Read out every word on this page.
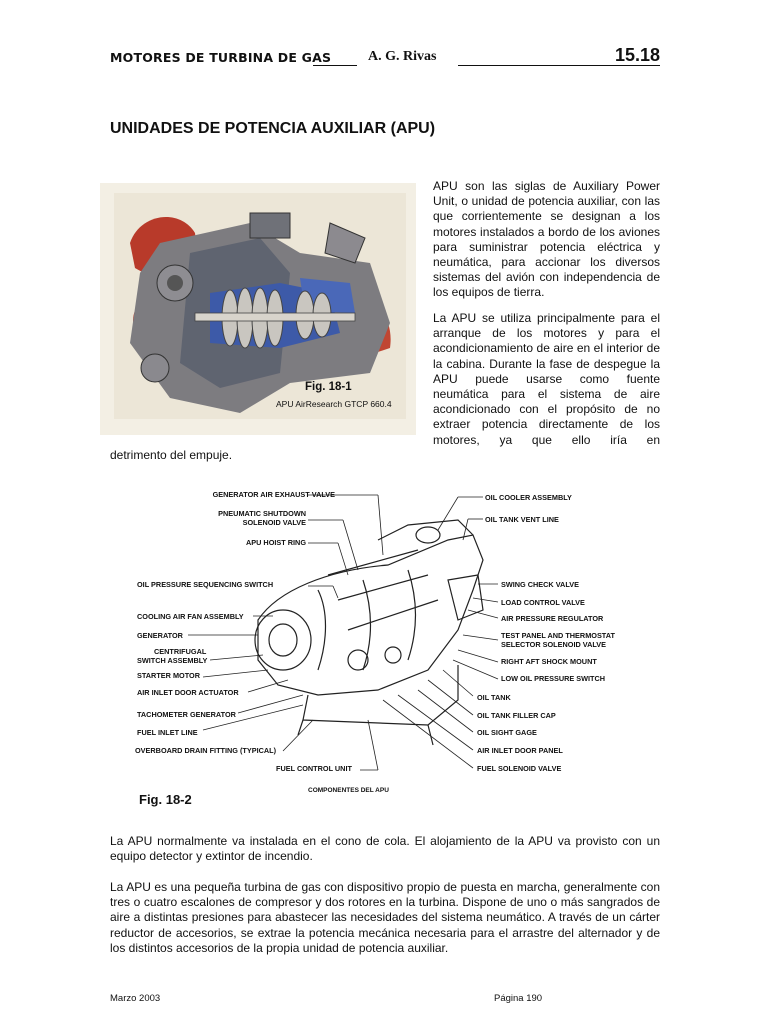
MOTORES DE TURBINA DE GAS	A. G. Rivas	15.18
UNIDADES DE POTENCIA AUXILIAR (APU)
Fig. 18-1
APU AirResearch GTCP 660.4
APU son las siglas de Auxiliary Power Unit, o unidad de potencia auxiliar, con las que corrientemente se designan a los motores instalados a bordo de los aviones para suministrar potencia eléctrica y neumática, para accionar los diversos sistemas del avión con independencia de los equipos de tierra.
La APU se utiliza principalmente para el arranque de los motores y para el acondicionamiento de aire en el interior de la cabina. Durante la fase de despegue la APU puede usarse como fuente neumática para el sistema de aire acondicionado con el propósito de no extraer potencia directamente de los motores, ya que ello iría en
detrimento del empuje.
GENERATOR AIR EXHAUST VALVE
PNEUMATIC SHUTDOWN
SOLENOID VALVE
APU HOIST RING
OIL PRESSURE SEQUENCING SWITCH
COOLING AIR FAN ASSEMBLY
GENERATOR
CENTRIFUGAL
SWITCH ASSEMBLY
STARTER MOTOR
AIR INLET DOOR ACTUATOR
TACHOMETER GENERATOR
FUEL INLET LINE
OVERBOARD DRAIN FITTING (TYPICAL)
FUEL CONTROL UNIT
OIL COOLER ASSEMBLY
OIL TANK VENT LINE
SWING CHECK VALVE
LOAD CONTROL VALVE
AIR PRESSURE REGULATOR
TEST PANEL AND THERMOSTAT
SELECTOR SOLENOID VALVE
RIGHT AFT SHOCK MOUNT
LOW OIL PRESSURE SWITCH
OIL TANK
OIL TANK FILLER CAP
OIL SIGHT GAGE
AIR INLET DOOR PANEL
FUEL SOLENOID VALVE
COMPONENTES DEL APU
Fig. 18-2
La APU normalmente va instalada en el cono de cola. El alojamiento de la APU va provisto con un equipo detector y extintor de incendio.
La APU es una pequeña turbina de gas con dispositivo propio de puesta en marcha, generalmente con tres o cuatro escalones de compresor y dos rotores en la turbina. Dispone de uno o más sangrados de aire a distintas presiones para abastecer las necesidades del sistema neumático. A través de un cárter reductor de accesorios, se extrae la potencia mecánica necesaria para el arrastre del alternador y de los distintos accesorios de la propia unidad de potencia auxiliar.
Marzo 2003	Página 190
